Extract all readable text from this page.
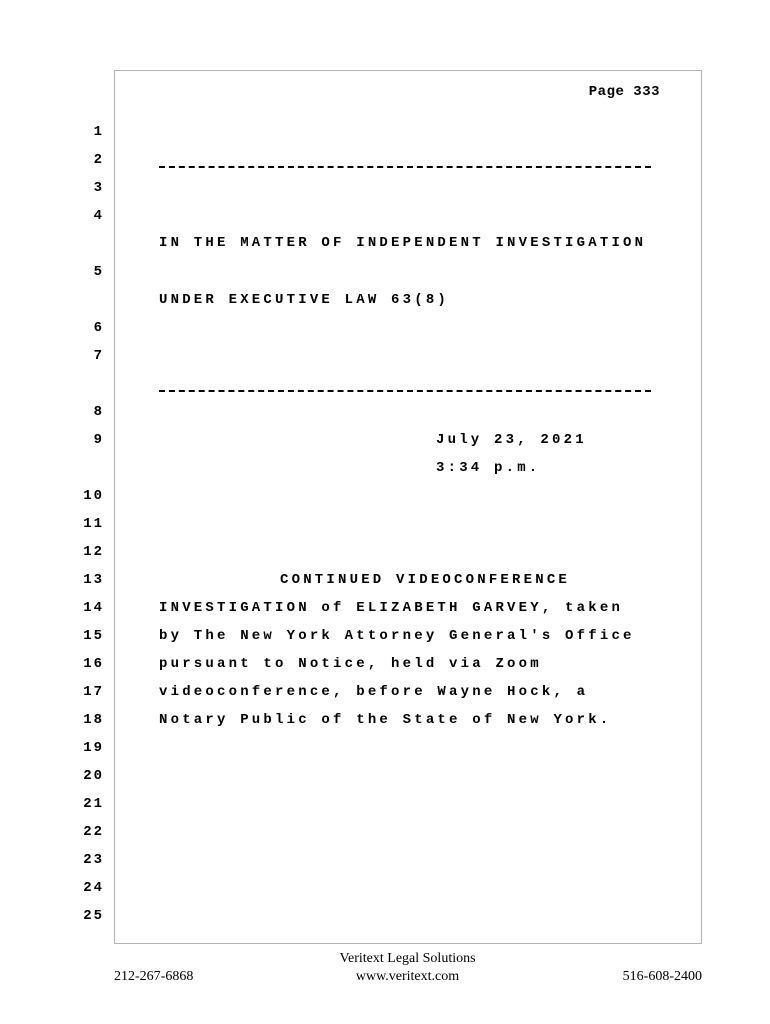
Page 333
1
2
3
4
5
6
7
8
9
10
11
12
13
14
15
16
17
18
19
20
21
22
23
24
25
IN THE MATTER OF INDEPENDENT INVESTIGATION
UNDER EXECUTIVE LAW 63(8)
July 23, 2021
3:34 p.m.
CONTINUED VIDEOCONFERENCE
INVESTIGATION of ELIZABETH GARVEY, taken
by The New York Attorney General's Office
pursuant to Notice, held via Zoom
videoconference, before Wayne Hock, a
Notary Public of the State of New York.
Veritext Legal Solutions
212-267-6868	www.veritext.com	516-608-2400
